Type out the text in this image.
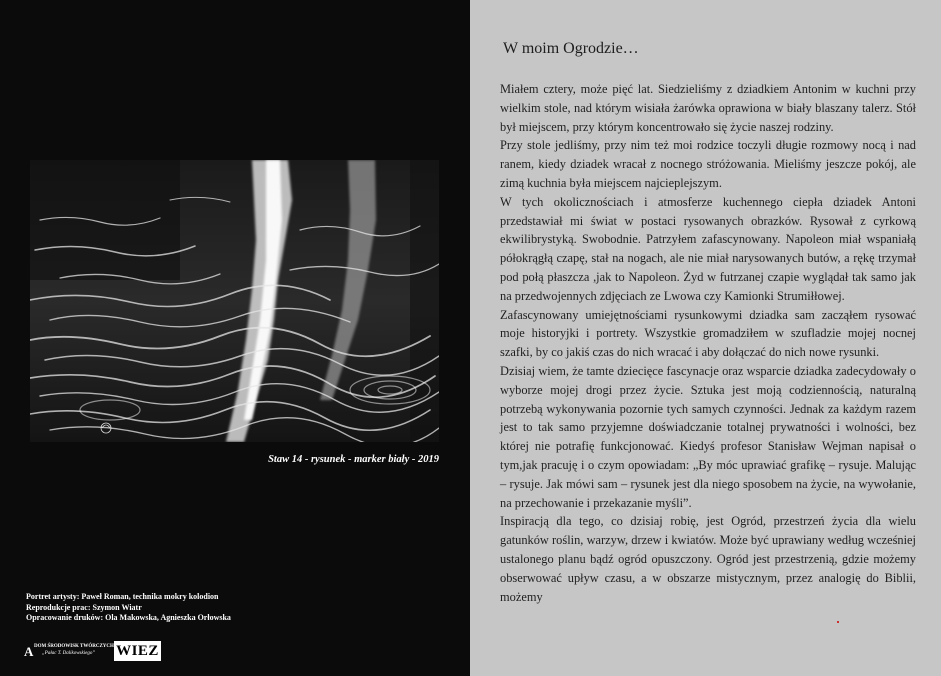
Staw 14 - rysunek - marker biały - 2019
Portret artysty: Paweł Roman, technika mokry kolodion
Reprodukcje prac: Szymon Wiatr
Opracowanie druków: Ola Makowska, Agnieszka Orłowska
A DOM ŚRODOWISK TWÓRCZYCH
„Pałac T. Dalikowskiego” WIEZ
W moim Ogrodzie…

Miałem cztery, może pięć lat. Siedzieliśmy z dziadkiem Antonim w kuchni przy wielkim stole, nad którym wisiała żarówka oprawiona w biały blaszany talerz. Stół był miejscem, przy którym koncentrowało się życie naszej rodziny.

Przy stole jedliśmy, przy nim też moi rodzice toczyli długie rozmowy nocą i nad ranem, kiedy dziadek wracał z nocnego stróżowania. Mieliśmy jeszcze pokój, ale zimą kuchnia była miejscem najcieplejszym.

W tych okolicznościach i atmosferze kuchennego ciepła dziadek Antoni przedstawiał mi świat w postaci rysowanych obrazków. Rysował z cyrkową ekwilibrystyką. Swobodnie. Patrzyłem zafascynowany. Napoleon miał wspaniałą półokrągłą czapę, stał na nogach, ale nie miał narysowanych butów, a rękę trzymał pod połą płaszcza ,jak to Napoleon. Żyd w futrzanej czapie wyglądał tak samo jak na przedwojennych zdjęciach ze Lwowa czy Kamionki Strumiłłowej.

Zafascynowany umiejętnościami rysunkowymi dziadka sam zacząłem rysować moje historyjki i portrety. Wszystkie gromadziłem w szufladzie mojej nocnej szafki, by co jakiś czas do nich wracać i aby dołączać do nich nowe rysunki.

Dzisiaj wiem, że tamte dziecięce fascynacje oraz wsparcie dziadka zadecydowały o wyborze mojej drogi przez życie. Sztuka jest moją codziennością, naturalną potrzebą wykonywania pozornie tych samych czynności. Jednak za każdym razem jest to tak samo przyjemne doświadczanie totalnej prywatności i wolności, bez której nie potrafię funkcjonować. Kiedyś profesor Stanisław Wejman napisał o tym,jak pracuję i o czym opowiadam: „By móc uprawiać grafikę – rysuje. Malując – rysuje. Jak mówi sam – rysunek jest dla niego sposobem na życie, na wywołanie, na przechowanie i przekazanie myśli”.

Inspiracją dla tego, co dzisiaj robię, jest Ogród, przestrzeń życia dla wielu gatunków roślin, warzyw, drzew i kwiatów. Może być uprawiany według wcześniej ustalonego planu bądź ogród opuszczony. Ogród jest przestrzenią, gdzie możemy obserwować upływ czasu, a w obszarze mistycznym, przez analogię do Biblii, możemy
